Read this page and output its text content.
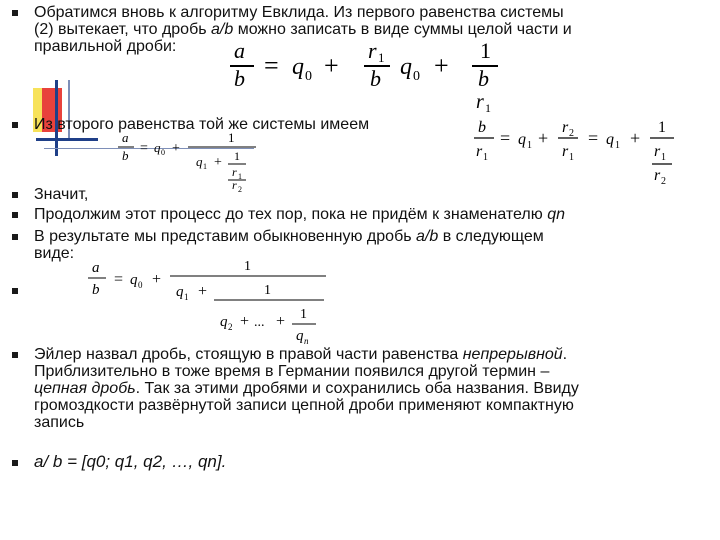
Обратимся вновь к алгоритму Евклида. Из первого равенства системы
(2) вытекает, что дробь a/b можно записать в виде суммы целой части и
правильной дроби:	a
b = q 0 +
r 1
b q 0 +
1
b
r 1
Из второго равенства той же системы имеем	b
r 1
= q 1 +
r 2
r 1
= q 1 +
1
r 1
r 2
a
b = q 0 +
1
q 1 + 1
r 1
r 2
Значит,
Продолжим этот процесс до тех пор, пока не придём к знаменателю qn
В результате мы представим обыкновенную дробь a/b в следующем
виде:
a
b
= q 0 +
1
q 1 +	1
q 2 + ... + 1
q n
Эйлер назвал дробь, стоящую в правой части равенства непрерывной.
Приблизительно в тоже время в Германии появился другой термин –
цепная дробь. Так за этими дробями и сохранились оба названия. Ввиду
громоздкости развёрнутой записи цепной дроби применяют компактную
запись
a/ b = [q0; q1, q2, …, qn].
